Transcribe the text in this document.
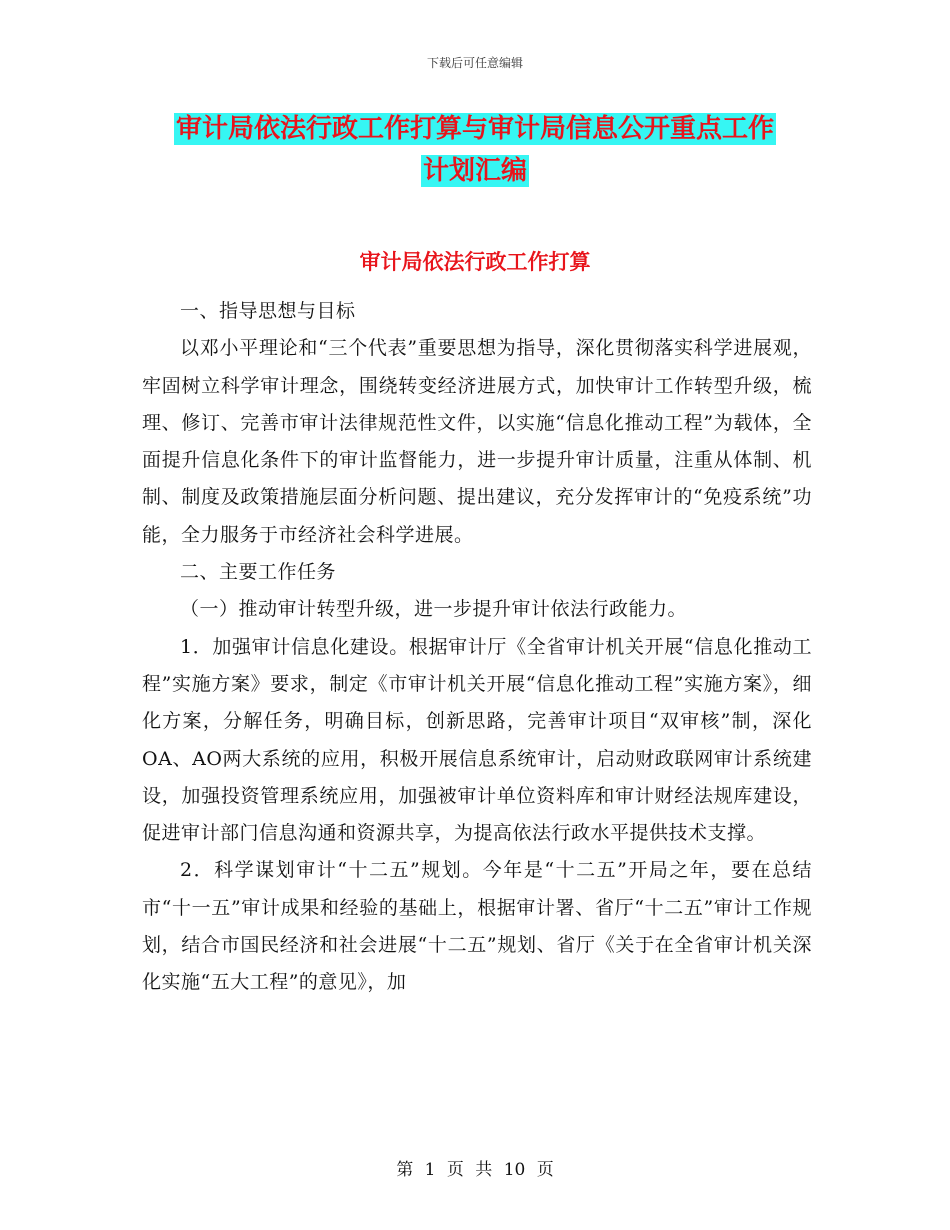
下载后可任意编辑
审计局依法行政工作打算与审计局信息公开重点工作
计划汇编
审计局依法行政工作打算

一、指导思想与目标

以邓小平理论和“三个代表”重要思想为指导，深化贯彻落实科学进展观，牢固树立科学审计理念，围绕转变经济进展方式，加快审计工作转型升级，梳理、修订、完善市审计法律规范性文件，以实施“信息化推动工程”为载体，全面提升信息化条件下的审计监督能力，进一步提升审计质量，注重从体制、机制、制度及政策措施层面分析问题、提出建议，充分发挥审计的“免疫系统”功能，全力服务于市经济社会科学进展。

二、主要工作任务

（一）推动审计转型升级，进一步提升审计依法行政能力。

1．加强审计信息化建设。根据审计厅《全省审计机关开展“信息化推动工程”实施方案》要求，制定《市审计机关开展“信息化推动工程”实施方案》，细化方案，分解任务，明确目标，创新思路，完善审计项目“双审核”制，深化OA、AO两大系统的应用，积极开展信息系统审计，启动财政联网审计系统建设，加强投资管理系统应用，加强被审计单位资料库和审计财经法规库建设，促进审计部门信息沟通和资源共享，为提高依法行政水平提供技术支撑。

2．科学谋划审计“十二五”规划。今年是“十二五”开局之年，要在总结市“十一五”审计成果和经验的基础上，根据审计署、省厅“十二五”审计工作规划，结合市国民经济和社会进展“十二五”规划、省厅《关于在全省审计机关深化实施“五大工程”的意见》，加

第 1 页 共 10 页
